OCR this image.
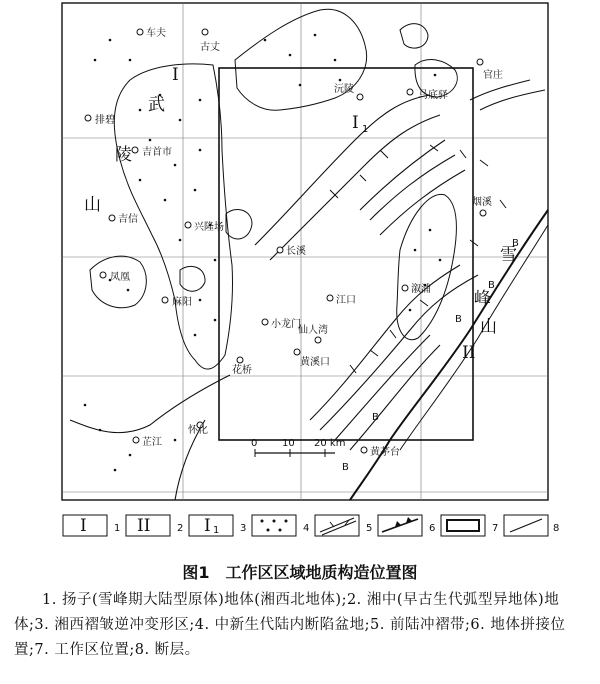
B
B
B
B
B
车夫
古丈
官庄
沅陵
马底驿
排碧
吉首市
吉信
兴隆场
长溪
烟溪
凤凰
麻阳	江口
溆浦
小龙门
仙人湾
花桥
黄溪口
芷江
怀化
黄茅台
I
武
陵
山
I 1
雪
峰
山
II
0 10 20 km
I	1 II	2 I 1 3	4	5	6	7	8
图1　工作区区域地质构造位置图
1. 扬子(雪峰期大陆型原体)地体(湘西北地体);2. 湘中(早古生代弧型异地体)地体;3. 湘西褶皱逆冲变形区;4. 中新生代陆内断陷盆地;5. 前陆冲褶带;6. 地体拼接位置;7. 工作区位置;8. 断层。
